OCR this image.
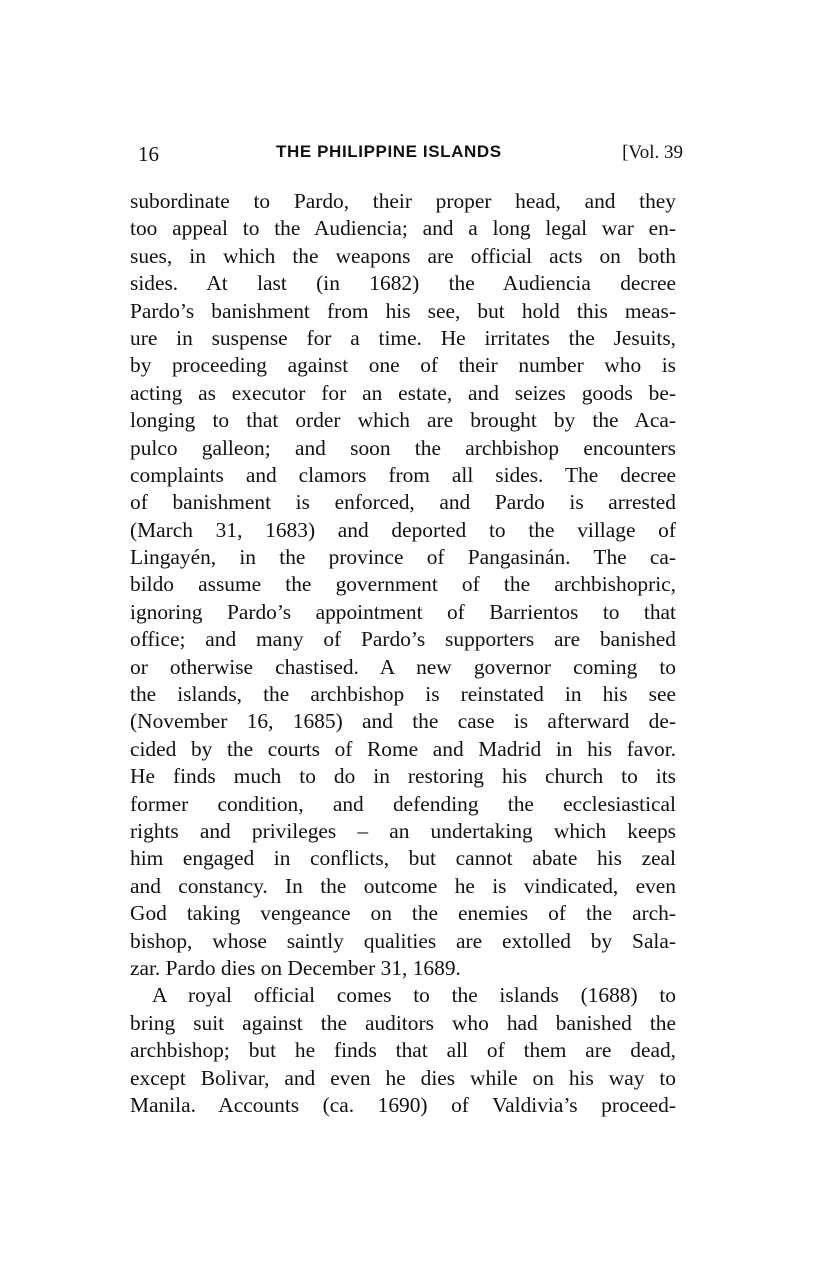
16	THE PHILIPPINE ISLANDS	[Vol. 39
subordinate to Pardo, their proper head, and they
too appeal to the Audiencia; and a long legal war en-
sues, in which the weapons are official acts on both
sides. At last (in 1682) the Audiencia decree
Pardo’s banishment from his see, but hold this meas-
ure in suspense for a time. He irritates the Jesuits,
by proceeding against one of their number who is
acting as executor for an estate, and seizes goods be-
longing to that order which are brought by the Aca-
pulco galleon; and soon the archbishop encounters
complaints and clamors from all sides. The decree
of banishment is enforced, and Pardo is arrested
(March 31, 1683) and deported to the village of
Lingayén, in the province of Pangasinán. The ca-
bildo assume the government of the archbishopric,
ignoring Pardo’s appointment of Barrientos to that
office; and many of Pardo’s supporters are banished
or otherwise chastised. A new governor coming to
the islands, the archbishop is reinstated in his see
(November 16, 1685) and the case is afterward de-
cided by the courts of Rome and Madrid in his favor.
He finds much to do in restoring his church to its
former condition, and defending the ecclesiastical
rights and privileges – an undertaking which keeps
him engaged in conflicts, but cannot abate his zeal
and constancy. In the outcome he is vindicated, even
God taking vengeance on the enemies of the arch-
bishop, whose saintly qualities are extolled by Sala-
zar. Pardo dies on December 31, 1689.
A royal official comes to the islands (1688) to
bring suit against the auditors who had banished the
archbishop; but he finds that all of them are dead,
except Bolivar, and even he dies while on his way to
Manila. Accounts (ca. 1690) of Valdivia’s proceed-
